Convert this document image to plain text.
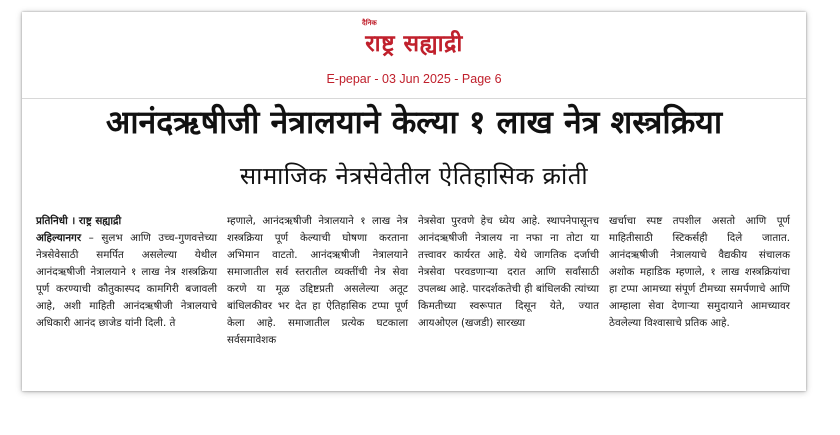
दैनिक
राष्ट्र सह्याद्री
E-pepar - 03 Jun 2025 - Page 6
आनंदऋषीजी नेत्रालयाने केल्या १ लाख नेत्र शस्त्रक्रिया
सामाजिक नेत्रसेवेतील ऐतिहासिक क्रांती

प्रतिनिधी । राष्ट्र सह्याद्री
अहिल्यानगर – सुलभ आणि उच्च-गुणवत्तेच्या नेत्रसेवेसाठी समर्पित असलेल्या येथील आनंदऋषीजी नेत्रालयाने १ लाख नेत्र शस्त्रक्रिया पूर्ण करण्याची कौतुकास्पद कामगिरी बजावली आहे, अशी माहिती आनंदऋषीजी नेत्रालयाचे अधिकारी आनंद छाजेड यांनी दिली. ते

म्हणाले, आनंदऋषीजी नेत्रालयाने १ लाख नेत्र शस्त्रक्रिया पूर्ण केल्याची घोषणा करताना अभिमान वाटतो. आनंदऋषीजी नेत्रालयाने समाजातील सर्व स्तरातील व्यक्तींची नेत्र सेवा करणे या मूळ उद्दिष्टप्रती असलेल्या अतूट बांधिलकीवर भर देत हा ऐतिहासिक टप्पा पूर्ण केला आहे. समाजातील प्रत्येक घटकाला सर्वसमावेशक

नेत्रसेवा पुरवणे हेच ध्येय आहे. स्थापनेपासूनच आनंदऋषीजी नेत्रालय ना नफा ना तोटा या तत्त्वावर कार्यरत आहे. येथे जागतिक दर्जाची नेत्रसेवा परवडणाऱ्या दरात आणि सर्वांसाठी उपलब्ध आहे. पारदर्शकतेची ही बांधिलकी त्यांच्या किमतीच्या स्वरूपात दिसून येते, ज्यात आयओएल (खजडी) सारख्या

खर्चाचा स्पष्ट तपशील असतो आणि पूर्ण माहितीसाठी स्टिकर्सही दिले जातात. आनंदऋषीजी नेत्रालयाचे वैद्यकीय संचालक अशोक महाडिक म्हणाले, १ लाख शस्त्रक्रियांचा हा टप्पा आमच्या संपूर्ण टीमच्या समर्पणाचे आणि आम्हाला सेवा देणाऱ्या समुदायाने आमच्यावर ठेवलेल्या विश्वासाचे प्रतिक आहे.
